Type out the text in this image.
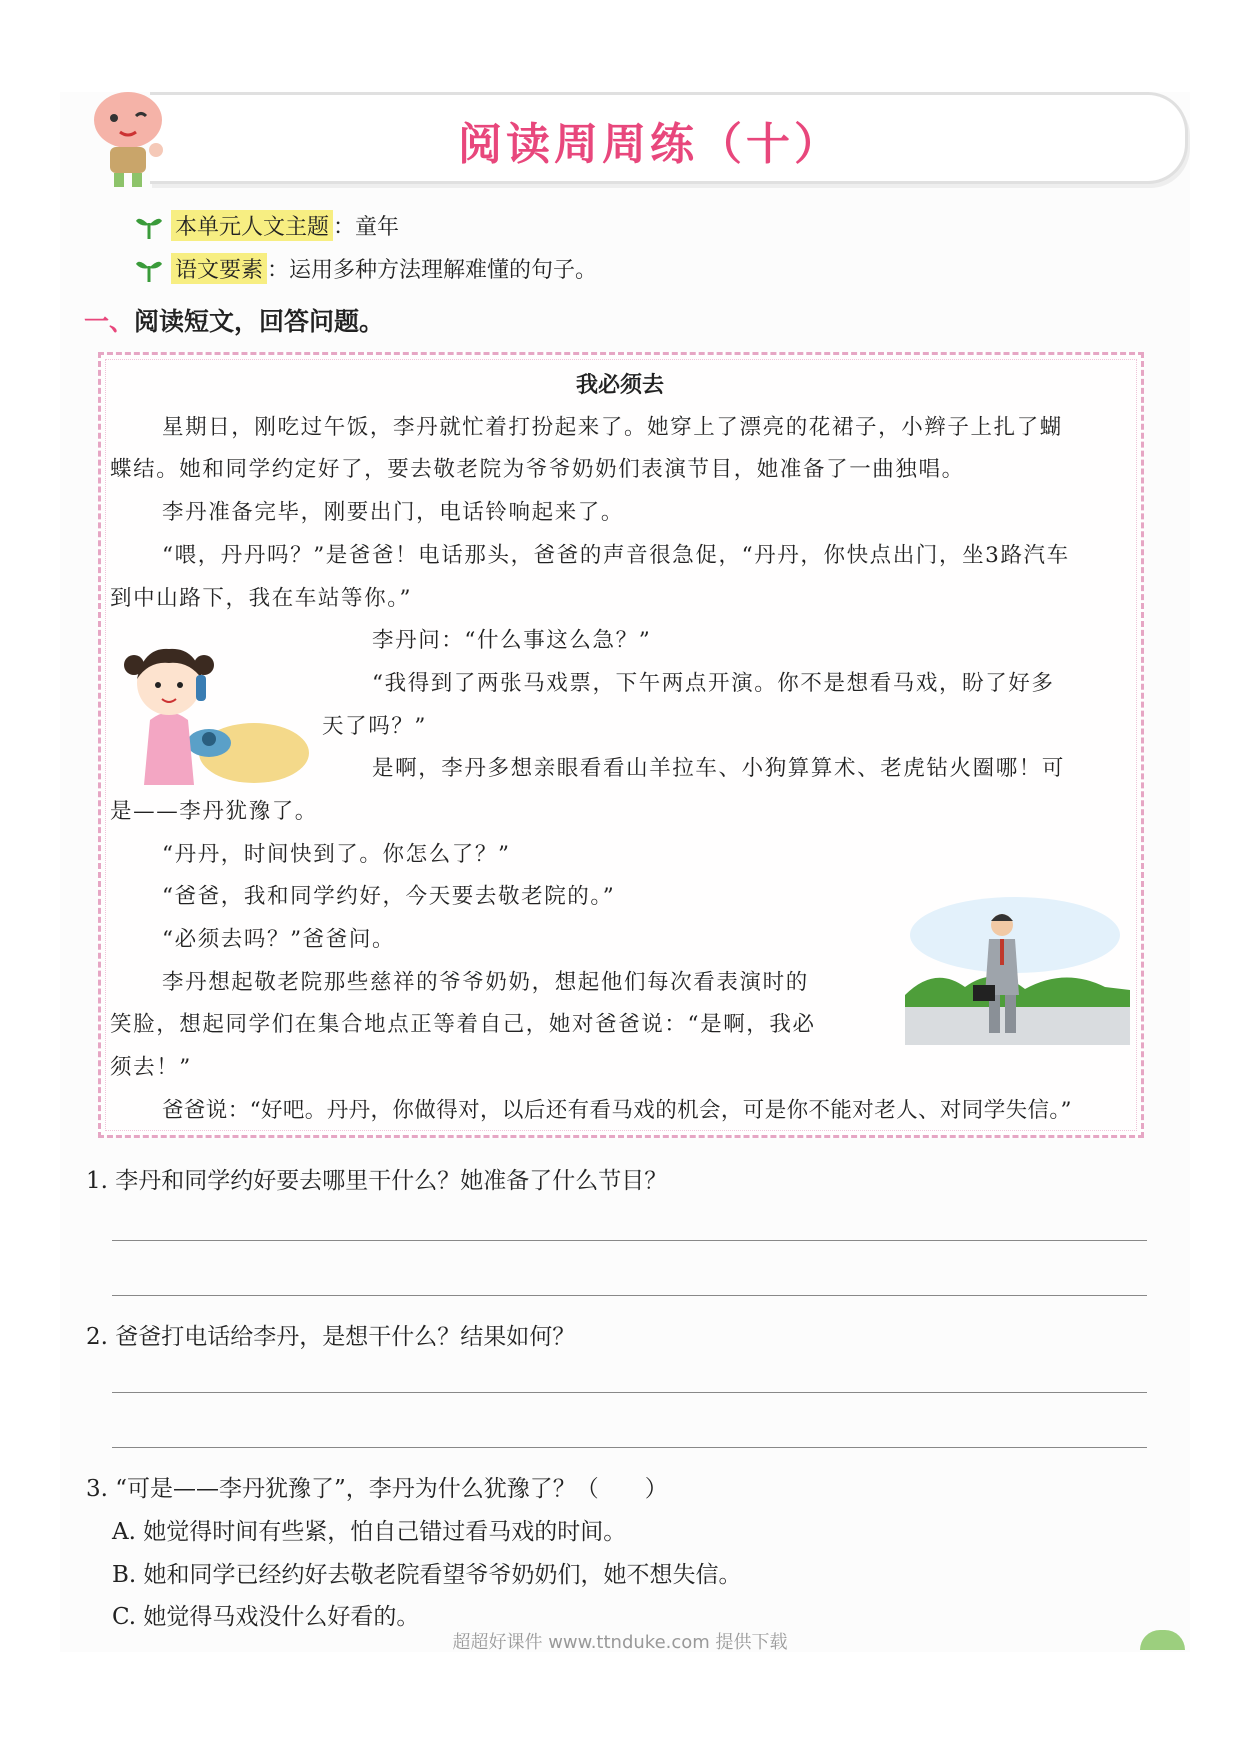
阅读周周练（十）
本单元人文主题 ：童年
语文要素 ：运用多种方法理解难懂的句子。
一、阅读短文，回答问题。
我必须去
星期日，刚吃过午饭，李丹就忙着打扮起来了。她穿上了漂亮的花裙子，小辫子上扎了蝴
蝶结。她和同学约定好了，要去敬老院为爷爷奶奶们表演节目，她准备了一曲独唱。
李丹准备完毕，刚要出门，电话铃响起来了。
“喂，丹丹吗？”是爸爸！电话那头，爸爸的声音很急促，“丹丹，你快点出门，坐3路汽车
到中山路下，我在车站等你。”
李丹问：“什么事这么急？”
“我得到了两张马戏票，下午两点开演。你不是想看马戏，盼了好多
天了吗？”
是啊，李丹多想亲眼看看山羊拉车、小狗算算术、老虎钻火圈哪！可
是——李丹犹豫了。
“丹丹，时间快到了。你怎么了？”
“爸爸，我和同学约好，今天要去敬老院的。”
“必须去吗？”爸爸问。
李丹想起敬老院那些慈祥的爷爷奶奶，想起他们每次看表演时的
笑脸，想起同学们在集合地点正等着自己，她对爸爸说：“是啊，我必
须去！”
爸爸说：“好吧。丹丹，你做得对，以后还有看马戏的机会，可是你不能对老人、对同学失信。”
1. 李丹和同学约好要去哪里干什么？她准备了什么节目？
2. 爸爸打电话给李丹，是想干什么？结果如何？
3. “可是——李丹犹豫了”，李丹为什么犹豫了？（　　）
A. 她觉得时间有些紧，怕自己错过看马戏的时间。
B. 她和同学已经约好去敬老院看望爷爷奶奶们，她不想失信。
C. 她觉得马戏没什么好看的。
超超好课件 www.ttnduke.com 提供下载
